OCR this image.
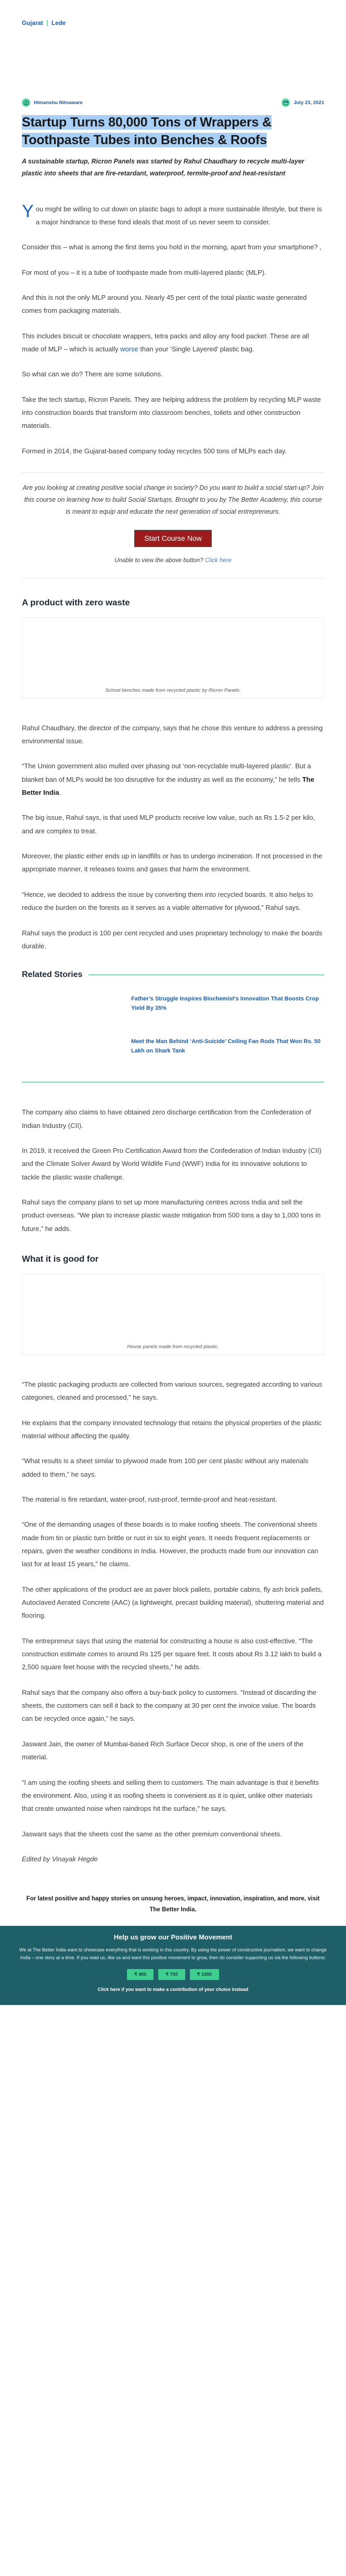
Gujarat Lede
Himanshu Nitnaware	July 23, 2021
Startup Turns 80,000 Tons of Wrappers & Toothpaste Tubes into Benches & Roofs

A sustainable startup, Ricron Panels was started by Rahul Chaudhary to recycle multi-layer plastic into sheets that are fire-retardant, waterproof, termite-proof and heat-resistant

You might be willing to cut down on plastic bags to adopt a more sustainable lifestyle, but there is a major hindrance to these fond ideals that most of us never seem to consider.

Consider this – what is among the first items you hold in the morning, apart from your smartphone? ,

For most of you – it is a tube of toothpaste made from multi-layered plastic (MLP).

And this is not the only MLP around you. Nearly 45 per cent of the total plastic waste generated comes from packaging materials.

This includes biscuit or chocolate wrappers, tetra packs and alloy any food packet. These are all made of MLP – which is actually worse than your ‘Single Layered’ plastic bag.

So what can we do? There are some solutions.

Take the tech startup, Ricron Panels. They are helping address the problem by recycling MLP waste into construction boards that transform into classroom benches, toilets and other construction materials.

Formed in 2014, the Gujarat-based company today recycles 500 tons of MLPs each day.

Are you looking at creating positive social change in society? Do you want to build a social start-up? Join this course on learning how to build Social Startups. Brought to you by The Better Academy, this course is meant to equip and educate the next generation of social entrepreneurs.

Start Course Now
Unable to view the above button? Click here
A product with zero waste
School benches made from recycled plastic by Ricron Panels.

Rahul Chaudhary, the director of the company, says that he chose this venture to address a pressing environmental issue.

“The Union government also mulled over phasing out ‘non-recyclable multi-layered plastic’. But a blanket ban of MLPs would be too disruptive for the industry as well as the economy,” he tells The Better India.

The big issue, Rahul says, is that used MLP products receive low value, such as Rs 1.5-2 per kilo, and are complex to treat.

Moreover, the plastic either ends up in landfills or has to undergo incineration. If not processed in the appropriate manner, it releases toxins and gases that harm the environment.

“Hence, we decided to address the issue by converting them into recycled boards. It also helps to reduce the burden on the forests as it serves as a viable alternative for plywood,” Rahul says.

Rahul says the product is 100 per cent recycled and uses proprietary technology to make the boards durable.

Related Stories
Father’s Struggle Inspires Biochemist’s Innovation That Boosts Crop Yield By 35%
Meet the Man Behind ‘Anti-Suicide’ Ceiling Fan Rods That Won Rs. 50 Lakh on Shark Tank

The company also claims to have obtained zero discharge certification from the Confederation of Indian Industry (CII).

In 2019, it received the Green Pro Certification Award from the Confederation of Indian Industry (CII) and the Climate Solver Award by World Wildlife Fund (WWF) India for its innovative solutions to tackle the plastic waste challenge.

Rahul says the company plans to set up more manufacturing centres across India and sell the product overseas. “We plan to increase plastic waste mitigation from 500 tons a day to 1,000 tons in future,” he adds.

What it is good for
House panels made from recycled plastic.

“The plastic packaging products are collected from various sources, segregated according to various categories, cleaned and processed,” he says.

He explains that the company innovated technology that retains the physical properties of the plastic material without affecting the quality.

“What results is a sheet similar to plywood made from 100 per cent plastic without any materials added to them,” he says.

The material is fire retardant, water-proof, rust-proof, termite-proof and heat-resistant.

“One of the demanding usages of these boards is to make roofing sheets. The conventional sheets made from tin or plastic turn brittle or rust in six to eight years. It needs frequent replacements or repairs, given the weather conditions in India. However, the products made from our innovation can last for at least 15 years,” he claims.

The other applications of the product are as paver block pallets, portable cabins, fly ash brick pallets, Autoclaved Aerated Concrete (AAC) (a lightweight, precast building material), shuttering material and flooring.

The entrepreneur says that using the material for constructing a house is also cost-effective. “The construction estimate comes to around Rs 125 per square feet. It costs about Rs 3.12 lakh to build a 2,500 square feet house with the recycled sheets,” he adds.

Rahul says that the company also offers a buy-back policy to customers. “Instead of discarding the sheets, the customers can sell it back to the company at 30 per cent the invoice value. The boards can be recycled once again,” he says.

Jaswant Jain, the owner of Mumbai-based Rich Surface Decor shop, is one of the users of the material.

“I am using the roofing sheets and selling them to customers. The main advantage is that it benefits the environment. Also, using it as roofing sheets is convenient as it is quiet, unlike other materials that create unwanted noise when raindrops hit the surface,” he says.

Jaswant says that the sheets cost the same as the other premium conventional sheets.

Edited by Vinayak Hegde

For latest positive and happy stories on unsung heroes, impact, innovation, inspiration, and more, visit The Better India.
Help us grow our Positive Movement

We at The Better India want to showcase everything that is working in this country. By using the power of constructive journalism, we want to change India – one story at a time. If you read us, like us and want this positive movement to grow, then do consider supporting us via the following buttons:

₹ 400	₹ 700	₹ 1000
Click here if you want to make a contribution of your choice instead
